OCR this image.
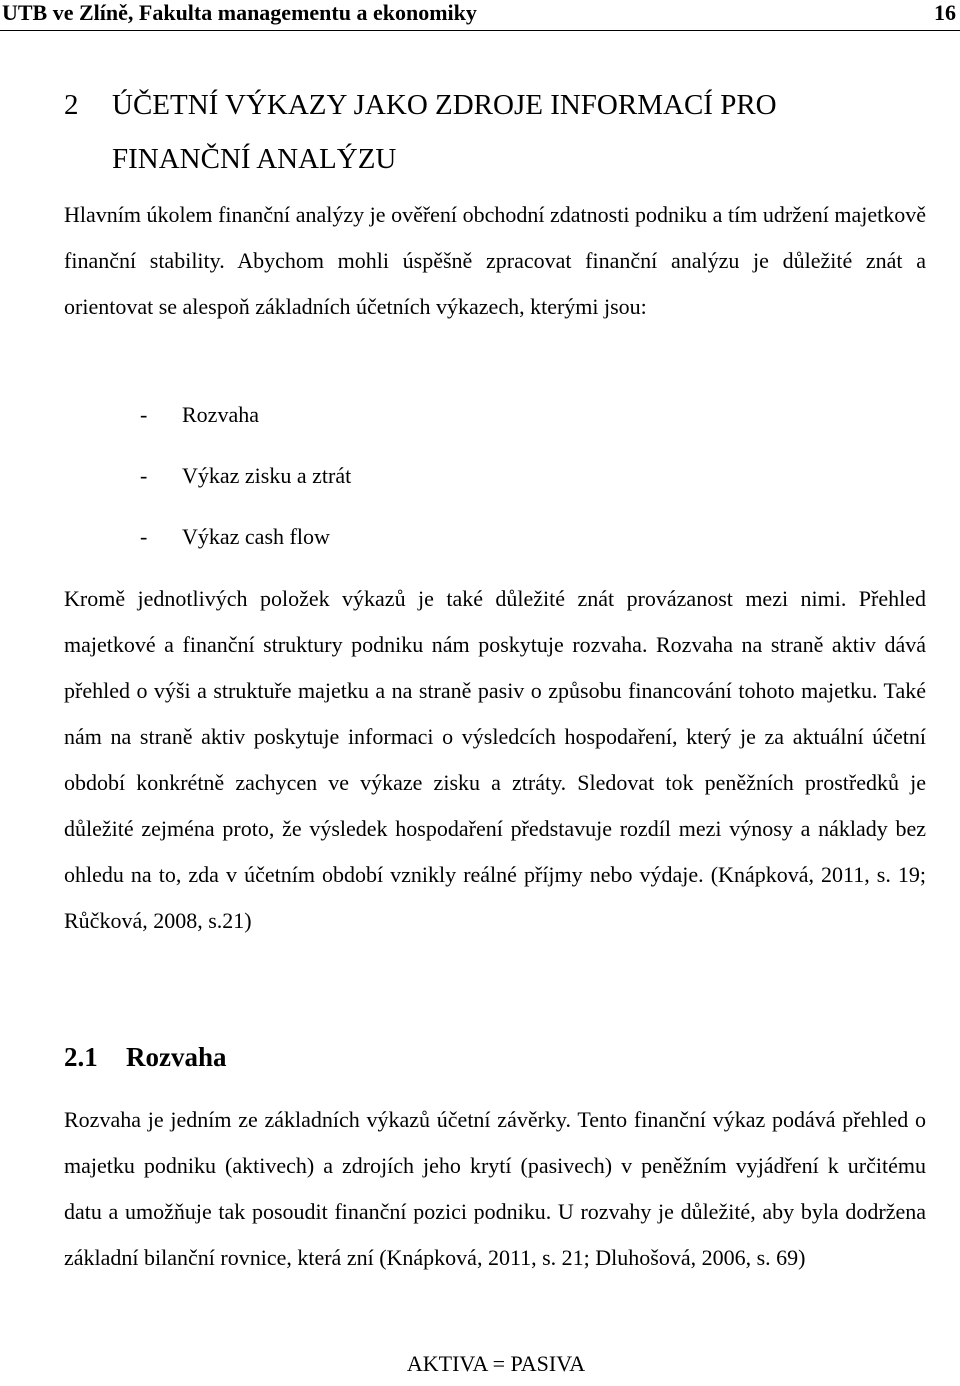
UTB ve Zlíně, Fakulta managementu a ekonomiky	16
2 ÚČETNÍ VÝKAZY JAKO ZDROJE INFORMACÍ PRO
FINANČNÍ ANALÝZU

Hlavním úkolem finanční analýzy je ověření obchodní zdatnosti podniku a tím udržení majetkově finanční stability. Abychom mohli úspěšně zpracovat finanční analýzu je důležité znát a orientovat se alespoň základních účetních výkazech, kterými jsou:

- Rozvaha
- Výkaz zisku a ztrát
- Výkaz cash flow

Kromě jednotlivých položek výkazů je také důležité znát provázanost mezi nimi. Přehled majetkové a finanční struktury podniku nám poskytuje rozvaha. Rozvaha na straně aktiv dává přehled o výši a struktuře majetku a na straně pasiv o způsobu financování tohoto majetku. Také nám na straně aktiv poskytuje informaci o výsledcích hospodaření, který je za aktuální účetní období konkrétně zachycen ve výkaze zisku a ztráty. Sledovat tok peněžních prostředků je důležité zejména proto, že výsledek hospodaření představuje rozdíl mezi výnosy a náklady bez ohledu na to, zda v účetním období vznikly reálné příjmy nebo výdaje. (Knápková, 2011, s. 19; Růčková, 2008, s.21)

2.1 Rozvaha

Rozvaha je jedním ze základních výkazů účetní závěrky. Tento finanční výkaz podává přehled o majetku podniku (aktivech) a zdrojích jeho krytí (pasivech) v peněžním vyjádření k určitému datu a umožňuje tak posoudit finanční pozici podniku. U rozvahy je důležité, aby byla dodržena základní bilanční rovnice, která zní (Knápková, 2011, s. 21; Dluhošová, 2006, s. 69)

AKTIVA = PASIVA
